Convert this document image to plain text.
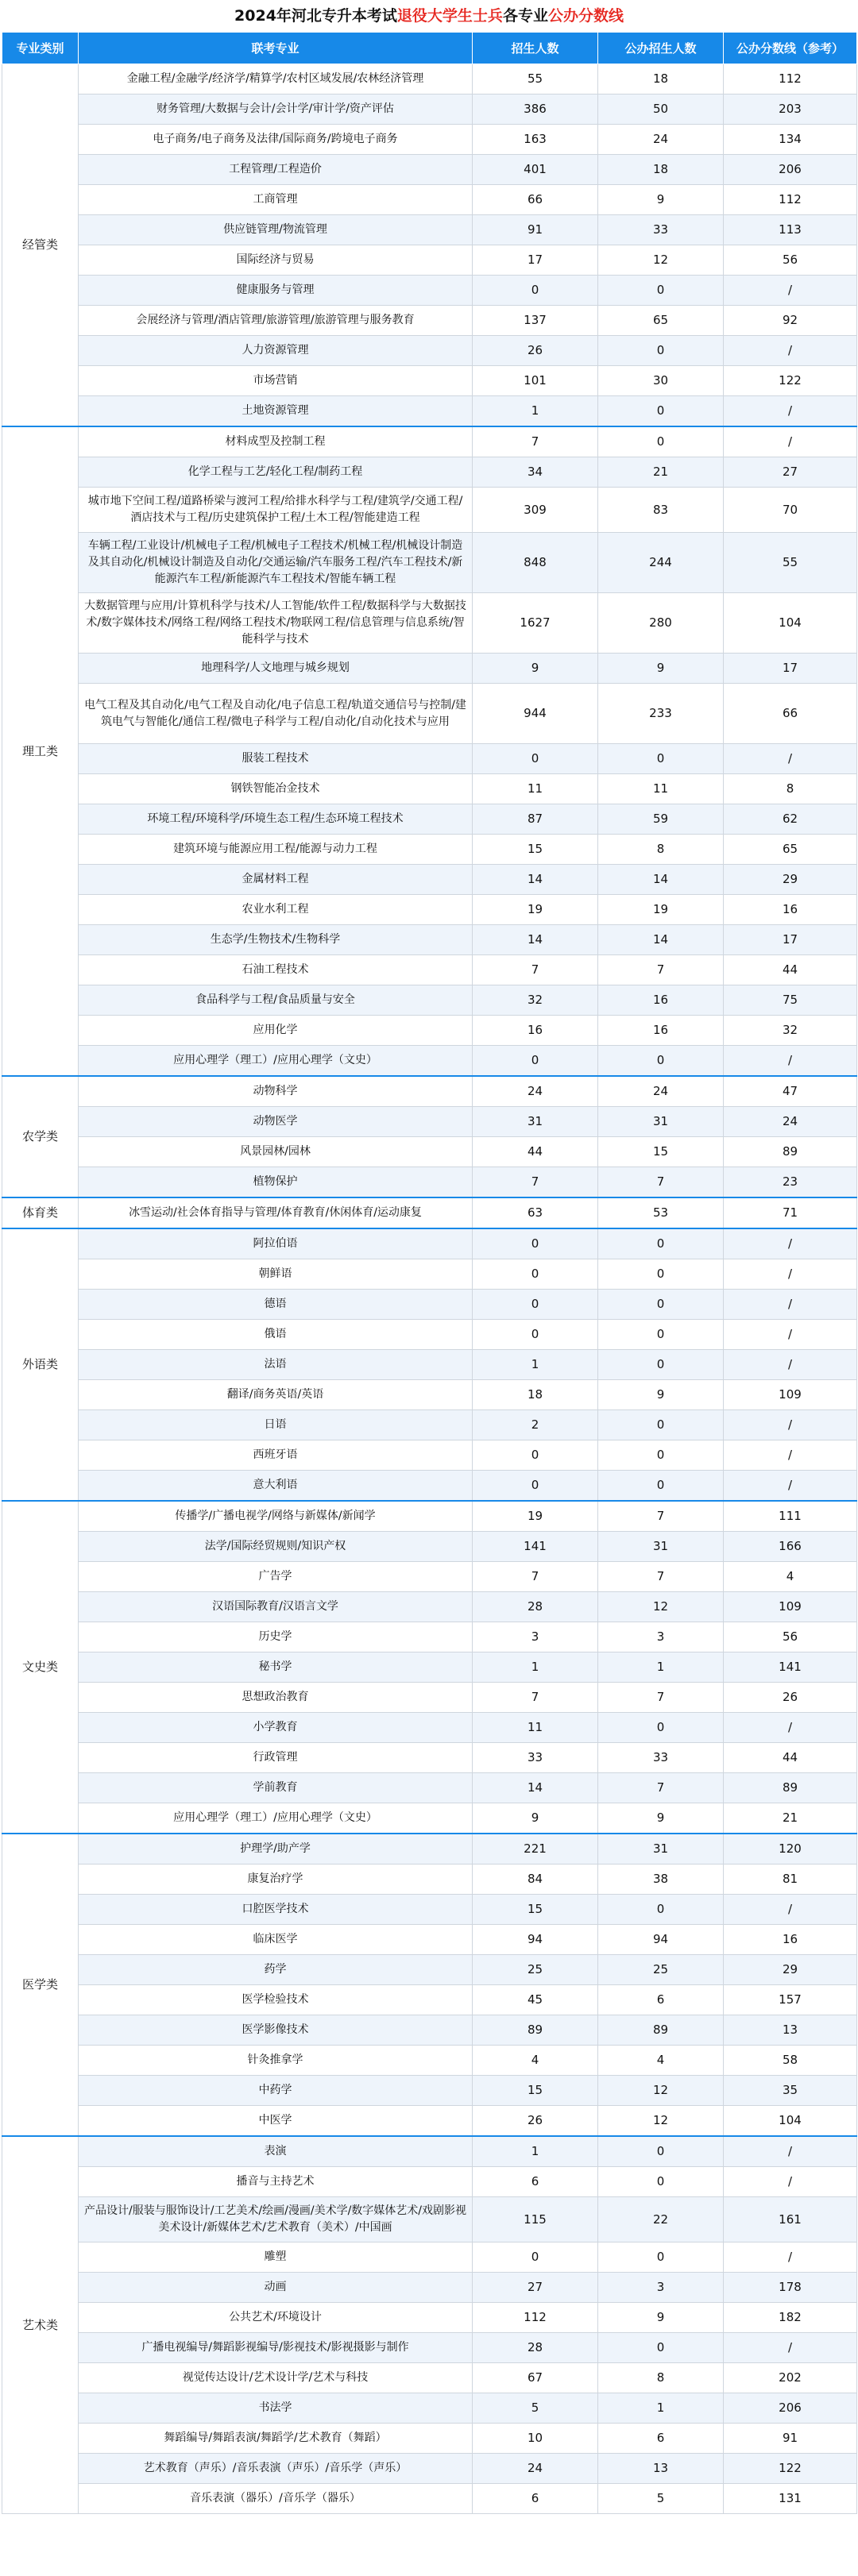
2024年河北专升本考试退役大学生士兵各专业公办分数线
专业类别	联考专业	招生人数	公办招生人数	公办分数线（参考）
经管类	金融工程/金融学/经济学/精算学/农村区域发展/农林经济管理	55	18	112
	财务管理/大数据与会计/会计学/审计学/资产评估	386	50	203
	电子商务/电子商务及法律/国际商务/跨境电子商务	163	24	134
	工程管理/工程造价	401	18	206
	工商管理	66	9	112
	供应链管理/物流管理	91	33	113
	国际经济与贸易	17	12	56
	健康服务与管理	0	0	/
	会展经济与管理/酒店管理/旅游管理/旅游管理与服务教育	137	65	92
	人力资源管理	26	0	/
	市场营销	101	30	122
	土地资源管理	1	0	/
理工类	材料成型及控制工程	7	0	/
	化学工程与工艺/轻化工程/制药工程	34	21	27
	城市地下空间工程/道路桥梁与渡河工程/给排水科学与工程/建筑学/交通工程/酒店技术与工程/历史建筑保护工程/土木工程/智能建造工程	309	83	70
	车辆工程/工业设计/机械电子工程/机械电子工程技术/机械工程/机械设计制造及其自动化/机械设计制造及自动化/交通运输/汽车服务工程/汽车工程技术/新能源汽车工程/新能源汽车工程技术/智能车辆工程	848	244	55
	大数据管理与应用/计算机科学与技术/人工智能/软件工程/数据科学与大数据技术/数字媒体技术/网络工程/网络工程技术/物联网工程/信息管理与信息系统/智能科学与技术	1627	280	104
	地理科学/人文地理与城乡规划	9	9	17
	电气工程及其自动化/电气工程及自动化/电子信息工程/轨道交通信号与控制/建筑电气与智能化/通信工程/微电子科学与工程/自动化/自动化技术与应用	944	233	66
	服装工程技术	0	0	/
	钢铁智能冶金技术	11	11	8
	环境工程/环境科学/环境生态工程/生态环境工程技术	87	59	62
	建筑环境与能源应用工程/能源与动力工程	15	8	65
	金属材料工程	14	14	29
	农业水利工程	19	19	16
	生态学/生物技术/生物科学	14	14	17
	石油工程技术	7	7	44
	食品科学与工程/食品质量与安全	32	16	75
	应用化学	16	16	32
	应用心理学（理工）/应用心理学（文史）	0	0	/
农学类	动物科学	24	24	47
	动物医学	31	31	24
	风景园林/园林	44	15	89
	植物保护	7	7	23
体育类	冰雪运动/社会体育指导与管理/体育教育/休闲体育/运动康复	63	53	71
外语类	阿拉伯语	0	0	/
	朝鲜语	0	0	/
	德语	0	0	/
	俄语	0	0	/
	法语	1	0	/
	翻译/商务英语/英语	18	9	109
	日语	2	0	/
	西班牙语	0	0	/
	意大利语	0	0	/
文史类	传播学/广播电视学/网络与新媒体/新闻学	19	7	111
	法学/国际经贸规则/知识产权	141	31	166
	广告学	7	7	4
	汉语国际教育/汉语言文学	28	12	109
	历史学	3	3	56
	秘书学	1	1	141
	思想政治教育	7	7	26
	小学教育	11	0	/
	行政管理	33	33	44
	学前教育	14	7	89
	应用心理学（理工）/应用心理学（文史）	9	9	21
医学类	护理学/助产学	221	31	120
	康复治疗学	84	38	81
	口腔医学技术	15	0	/
	临床医学	94	94	16
	药学	25	25	29
	医学检验技术	45	6	157
	医学影像技术	89	89	13
	针灸推拿学	4	4	58
	中药学	15	12	35
	中医学	26	12	104
艺术类	表演	1	0	/
	播音与主持艺术	6	0	/
	产品设计/服装与服饰设计/工艺美术/绘画/漫画/美术学/数字媒体艺术/戏剧影视美术设计/新媒体艺术/艺术教育（美术）/中国画	115	22	161
	雕塑	0	0	/
	动画	27	3	178
	公共艺术/环境设计	112	9	182
	广播电视编导/舞蹈影视编导/影视技术/影视摄影与制作	28	0	/
	视觉传达设计/艺术设计学/艺术与科技	67	8	202
	书法学	5	1	206
	舞蹈编导/舞蹈表演/舞蹈学/艺术教育（舞蹈）	10	6	91
	艺术教育（声乐）/音乐表演（声乐）/音乐学（声乐）	24	13	122
	音乐表演（器乐）/音乐学（器乐）	6	5	131
